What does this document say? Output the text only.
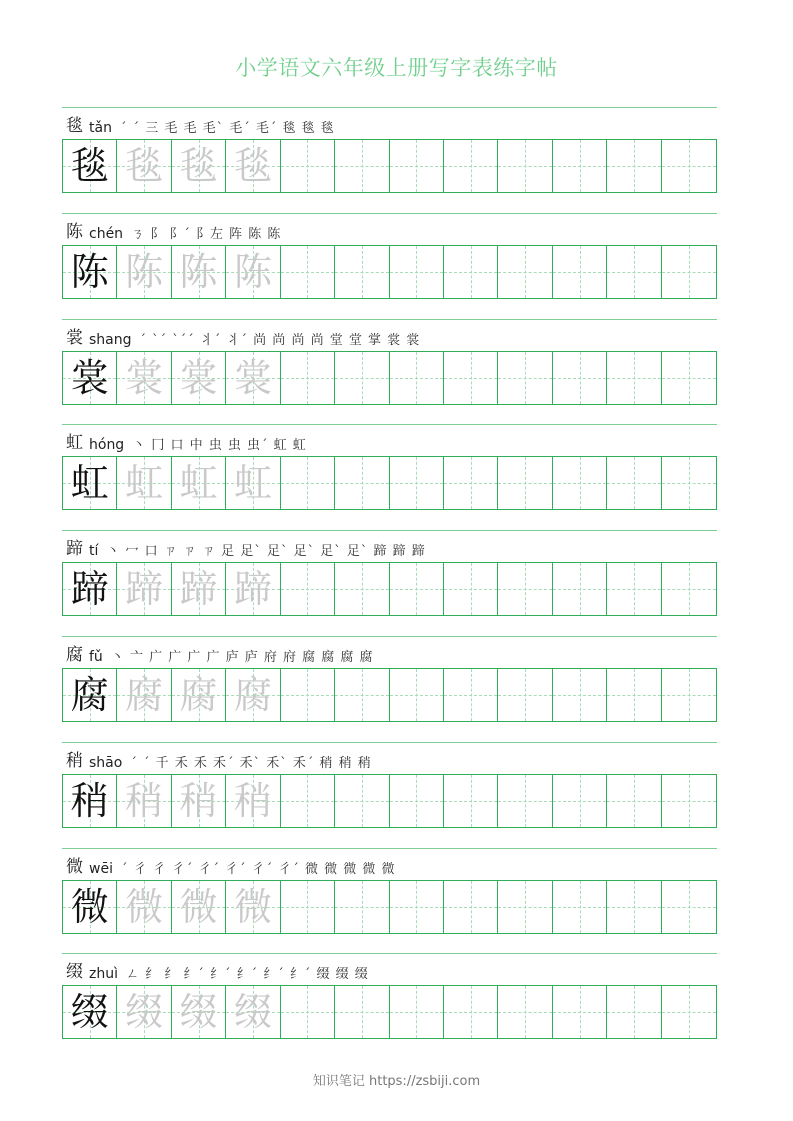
小学语文六年级上册写字表练字帖
毯 tǎn ˊ ˊ 三 毛 毛 毛ˋ 毛ˊ 毛ˊ 毯 毯 毯
毯 毯 毯 毯
陈 chén ㄋ 阝 阝ˊ 阝左 阵 陈 陈
陈 陈 陈 陈
裳 shang ˊ ˋˊ ˋˊˊ 丬ˊ 丬ˊ 尚 尚 尚 尚 堂 堂 掌 裳 裳
裳 裳 裳 裳
虹 hóng 丶 冂 口 中 虫 虫 虫ˊ 虹 虹
虹 虹 虹 虹
蹄 tí 丶 冖 口 ㄗ ㄗ ㄗ 足 足ˋ 足ˋ 足ˋ 足ˋ 足ˋ 蹄 蹄 蹄
蹄 蹄 蹄 蹄
腐 fǔ 丶 亠 广 广 广 广 庐 庐 府 府 腐 腐 腐 腐
腐 腐 腐 腐
稍 shāo ˊ ˊ 千 禾 禾 禾ˊ 禾ˋ 禾ˋ 禾ˊ 稍 稍 稍
稍 稍 稍 稍
微 wēi ˊ 彳 彳 彳ˊ 彳ˊ 彳ˊ 彳ˊ 彳ˊ 微 微 微 微 微
微 微 微 微
缀 zhuì ㄥ 纟 纟 纟ˊ 纟ˊ 纟ˊ 纟ˊ 纟ˊ 缀 缀 缀
缀 缀 缀 缀
知识笔记 https://zsbiji.com
